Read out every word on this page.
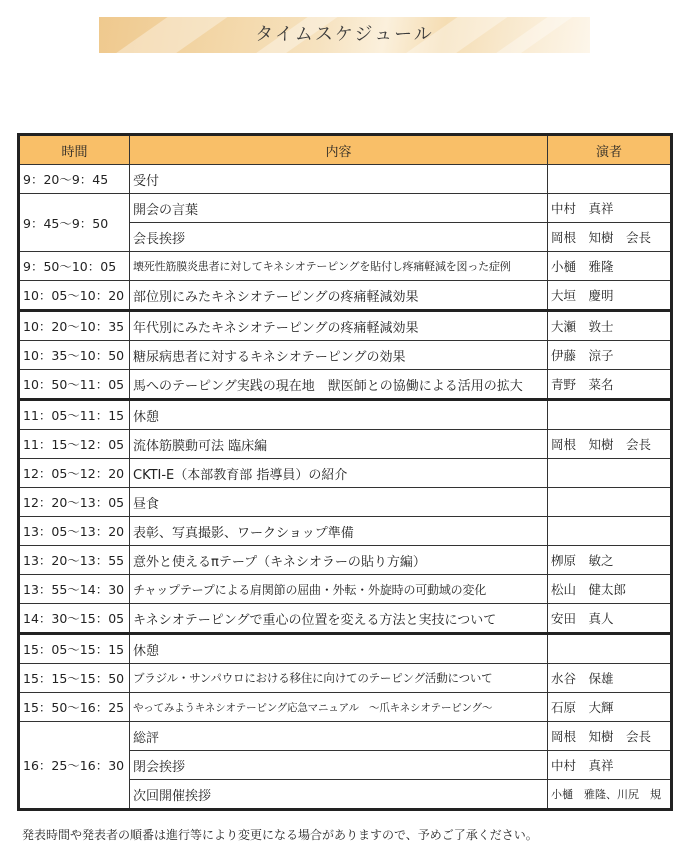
タイムスケジュール
時間	内容	演者
9：20〜9：45	受付	
9：45〜9：50	開会の言葉	中村　真祥
	会長挨拶	岡根　知樹　会長
9：50〜10：05	壊死性筋膜炎患者に対してキネシオテーピングを貼付し疼痛軽減を図った症例	小樋　雅隆
10：05〜10：20	部位別にみたキネシオテーピングの疼痛軽減効果	大垣　慶明
10：20〜10：35	年代別にみたキネシオテーピングの疼痛軽減効果	大瀬　敦士
10：35〜10：50	糖尿病患者に対するキネシオテーピングの効果	伊藤　涼子
10：50〜11：05	馬へのテーピング実践の現在地　獣医師との協働による活用の拡大	青野　菜名
11：05〜11：15	休憩	
11：15〜12：05	流体筋膜動可法 臨床編	岡根　知樹　会長
12：05〜12：20	CKTI-E（本部教育部 指導員）の紹介	
12：20〜13：05	昼食	
13：05〜13：20	表彰、写真撮影、ワークショップ準備	
13：20〜13：55	意外と使えるπテープ（キネシオラーの貼り方編）	栁原　敏之
13：55〜14：30	チャップテープによる肩関節の屈曲・外転・外旋時の可動域の変化	松山　健太郎
14：30〜15：05	キネシオテーピングで重心の位置を変える方法と実技について	安田　真人
15：05〜15：15	休憩	
15：15〜15：50	ブラジル・サンパウロにおける移住に向けてのテーピング活動について	水谷　保雄
15：50〜16：25	やってみようキネシオテーピング応急マニュアル　〜爪キネシオテーピング〜	石原　大輝
16：25〜16：30	総評	岡根　知樹　会長
	閉会挨拶	中村　真祥
	次回開催挨拶	小樋　雅隆、川尻　規
発表時間や発表者の順番は進行等により変更になる場合がありますので、予めご了承ください。
